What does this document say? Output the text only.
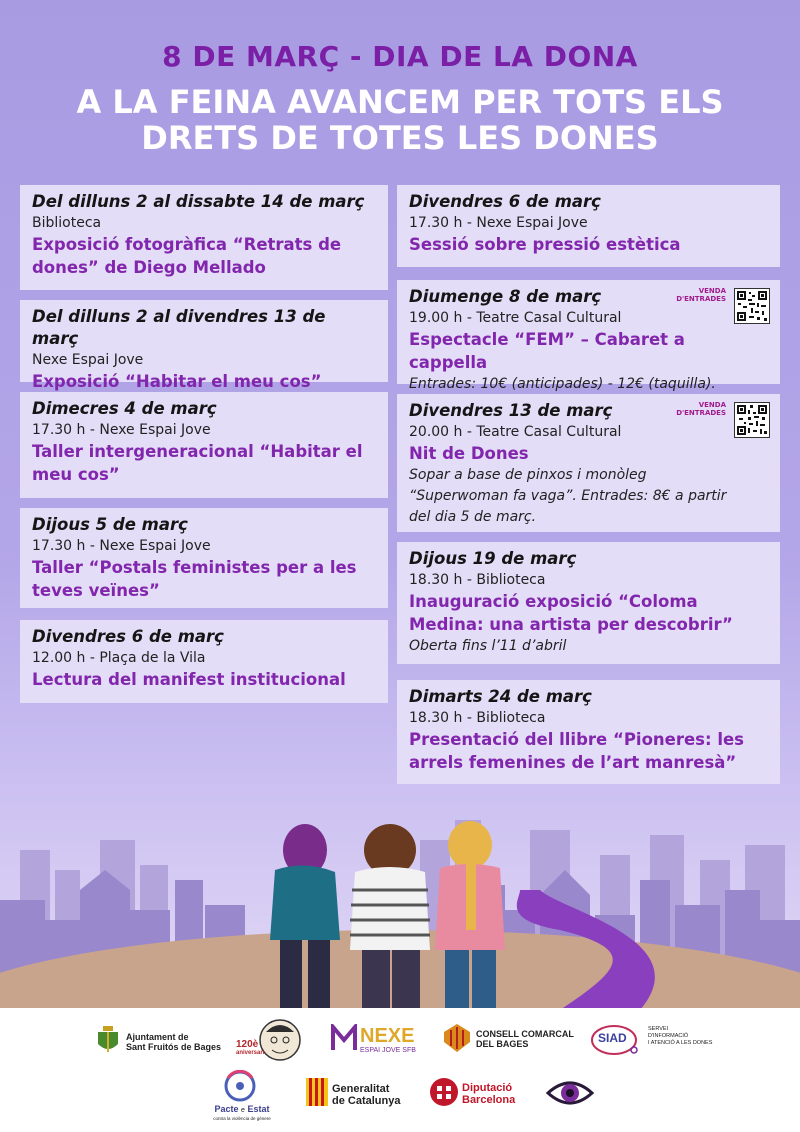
8 DE MARÇ - DIA DE LA DONA
A LA FEINA AVANCEM PER TOTS ELS
DRETS DE TOTES LES DONES

Del dilluns 2 al dissabte 14 de març

Biblioteca

Exposició fotogràfica “Retrats de

dones” de Diego Mellado

Del dilluns 2 al divendres 13 de març

Nexe Espai Jove

Exposició “Habitar el meu cos”

Dimecres 4 de març

17.30 h - Nexe Espai Jove

Taller intergeneracional “Habitar el

meu cos”

Dijous 5 de març

17.30 h - Nexe Espai Jove

Taller “Postals feministes per a les

teves veïnes”

Divendres 6 de març

12.00 h - Plaça de la Vila

Lectura del manifest institucional

Divendres 6 de març

17.30 h - Nexe Espai Jove

Sessió sobre pressió estètica

Diumenge 8 de març

19.00 h - Teatre Casal Cultural

Espectacle “FEM” – Cabaret a cappella

Entrades: 10€ (anticipades) - 12€ (taquilla).

VENDA
D'ENTRADES

Divendres 13 de març

20.00 h - Teatre Casal Cultural

Nit de Dones

Sopar a base de pinxos i monòleg

“Superwoman fa vaga”. Entrades: 8€ a partir

del dia 5 de març.

VENDA
D'ENTRADES

Dijous 19 de març

18.30 h - Biblioteca

Inauguració exposició “Coloma

Medina: una artista per descobrir”

Oberta fins l’11 d’abril

Dimarts 24 de març

18.30 h - Biblioteca

Presentació del llibre “Pioneres: les

arrels femenines de l’art manresà”

Ajuntament de
Sant Fruitós de Bages 120è
aniversari
NEXE
ESPAI JOVE SFB
CONSELL COMARCAL
DEL BAGES	SIAD
SERVEI
D'INFORMACIÓ
I ATENCIÓ A LES DONES
Pacte e Estat
contra la violència de gènere
Generalitat
de Catalunya
Diputació
Barcelona
